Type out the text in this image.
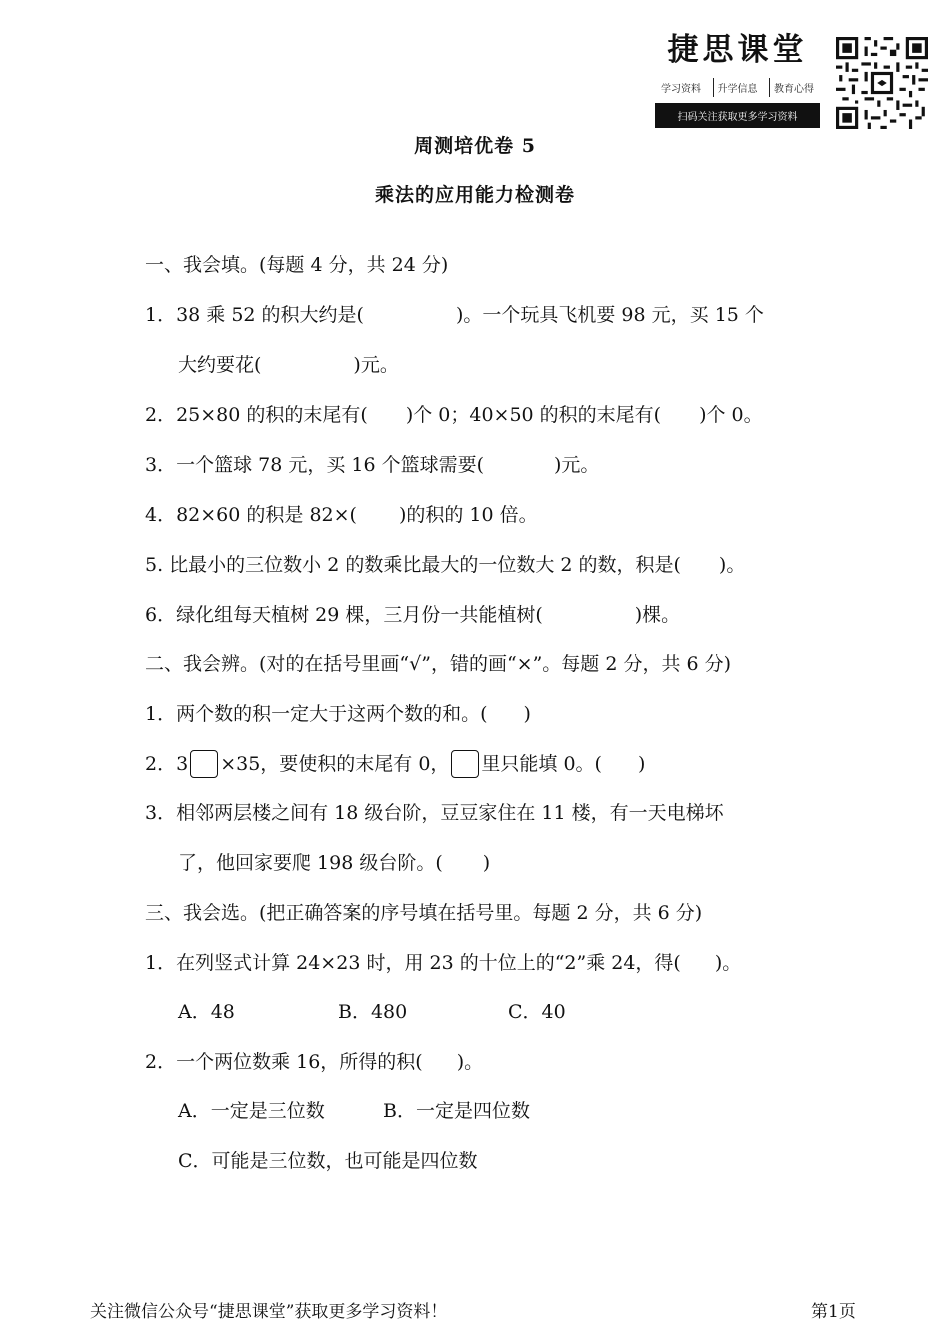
捷思课堂
学习资料	升学信息	教育心得
扫码关注获取更多学习资料
周测培优卷 5
乘法的应用能力检测卷
一、我会填。(每题 4 分，共 24 分)
1．38 乘 52 的积大约是(	)。一个玩具飞机要 98 元，买 15 个
大约要花(	)元。
2．25×80 的积的末尾有( )个 0；40×50 的积的末尾有( )个 0。
3．一个篮球 78 元，买 16 个篮球需要(	)元。
4．82×60 的积是 82×( )的积的 10 倍。
5. 比最小的三位数小 2 的数乘比最大的一位数大 2 的数，积是( )。
6．绿化组每天植树 29 棵，三月份一共能植树(	)棵。
二、我会辨。(对的在括号里画“√”，错的画“×”。每题 2 分，共 6 分)
1．两个数的积一定大于这两个数的和。( )
2．3 ×35，要使积的末尾有 0， 里只能填 0。( )
3．相邻两层楼之间有 18 级台阶，豆豆家住在 11 楼，有一天电梯坏
了，他回家要爬 198 级台阶。( )
三、我会选。(把正确答案的序号填在括号里。每题 2 分，共 6 分)
1．在列竖式计算 24×23 时，用 23 的十位上的“2”乘 24，得( )。
A．48	B．480	C．40
2．一个两位数乘 16，所得的积( )。
A．一定是三位数	B．一定是四位数
C．可能是三位数，也可能是四位数
关注微信公众号“捷思课堂”获取更多学习资料！	第1页
